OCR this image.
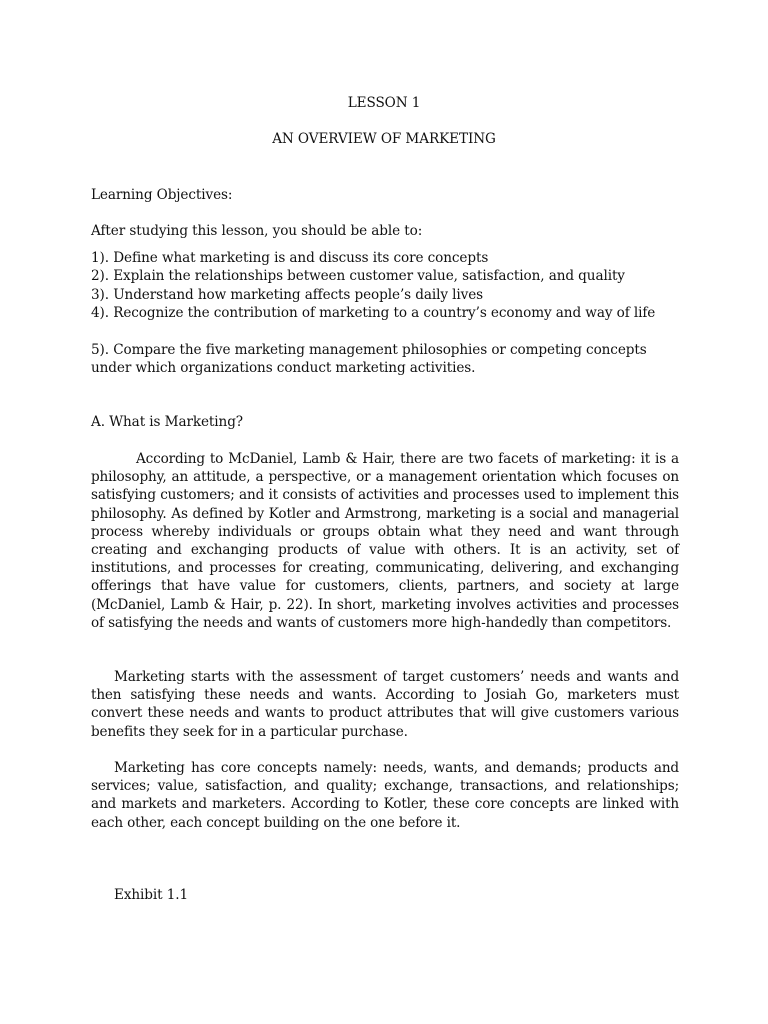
LESSON 1
AN OVERVIEW OF MARKETING
Learning Objectives:
After studying this lesson, you should be able to:
1). Define what marketing is and discuss its core concepts
2). Explain the relationships between customer value, satisfaction, and quality
3). Understand how marketing affects people’s daily lives
4). Recognize the contribution of marketing to a country’s economy and way of life
5). Compare the five marketing management philosophies or competing concepts under which organizations conduct marketing activities.
A. What is Marketing?
According to McDaniel, Lamb & Hair, there are two facets of marketing: it is a philosophy, an attitude, a perspective, or a management orientation which focuses on satisfying customers; and it consists of activities and processes used to implement this philosophy. As defined by Kotler and Armstrong, marketing is a social and managerial process whereby individuals or groups obtain what they need and want through creating and exchanging products of value with others. It is an activity, set of institutions, and processes for creating, communicating, delivering, and exchanging offerings that have value for customers, clients, partners, and society at large (McDaniel, Lamb & Hair, p. 22). In short, marketing involves activities and processes of satisfying the needs and wants of customers more high-handedly than competitors.
Marketing starts with the assessment of target customers’ needs and wants and then satisfying these needs and wants. According to Josiah Go, marketers must convert these needs and wants to product attributes that will give customers various benefits they seek for in a particular purchase.
Marketing has core concepts namely: needs, wants, and demands; products and services; value, satisfaction, and quality; exchange, transactions, and relationships; and markets and marketers. According to Kotler, these core concepts are linked with each other, each concept building on the one before it.
Exhibit 1.1
